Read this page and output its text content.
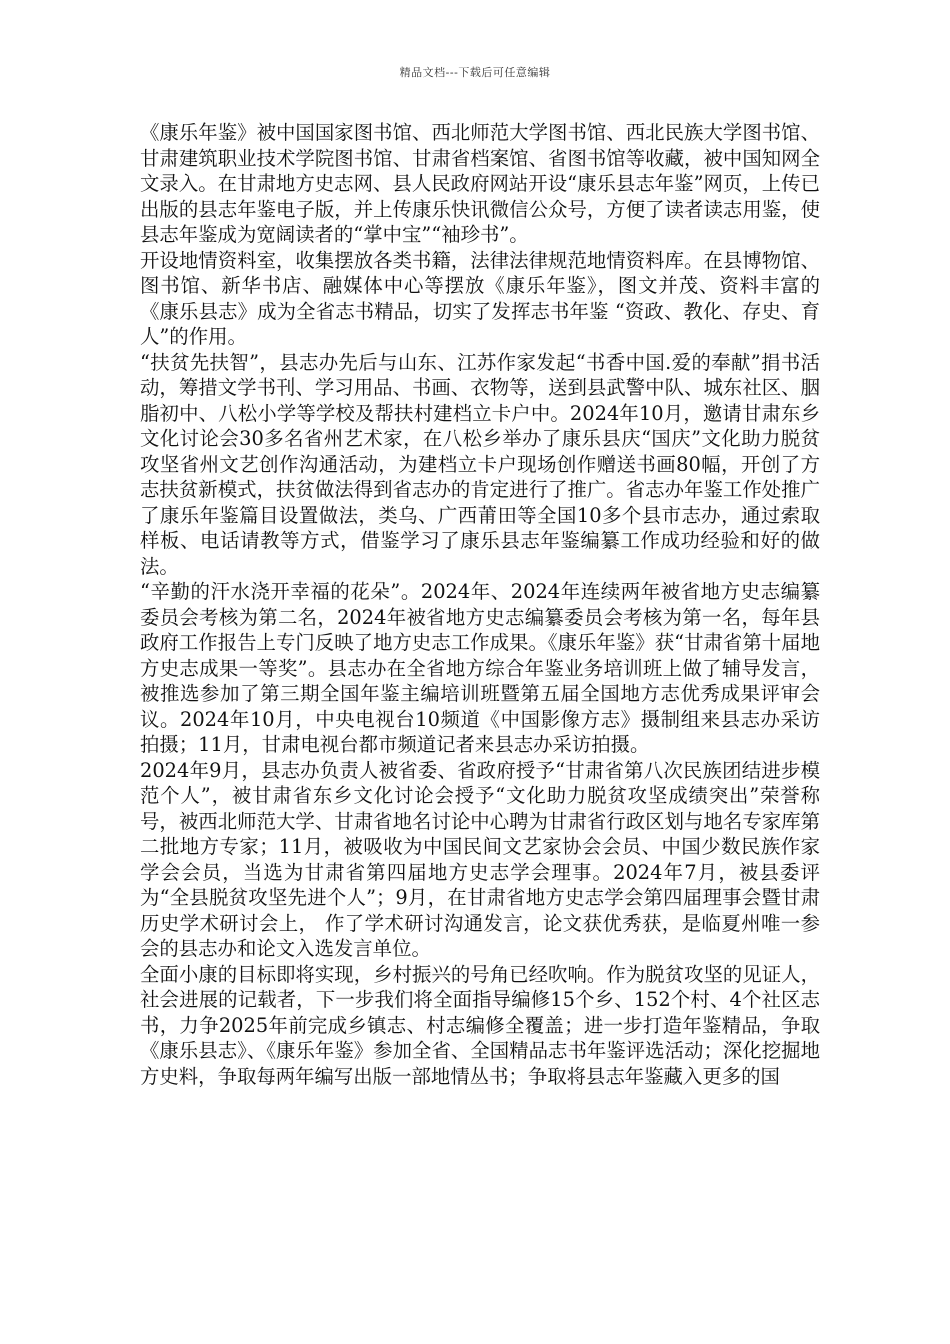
精品文档---下载后可任意编辑

《康乐年鉴》被中国国家图书馆、西北师范大学图书馆、西北民族大学图书馆、甘肃建筑职业技术学院图书馆、甘肃省档案馆、省图书馆等收藏，被中国知网全文录入。在甘肃地方史志网、县人民政府网站开设“康乐县志年鉴”网页，上传已出版的县志年鉴电子版，并上传康乐快讯微信公众号，方便了读者读志用鉴，使县志年鉴成为宽阔读者的“掌中宝”“袖珍书”。

开设地情资料室，收集摆放各类书籍，法律法律规范地情资料库。在县博物馆、图书馆、新华书店、融媒体中心等摆放《康乐年鉴》，图文并茂、资料丰富的《康乐县志》成为全省志书精品，切实了发挥志书年鉴 “资政、教化、存史、育人”的作用。

“扶贫先扶智”，县志办先后与山东、江苏作家发起“书香中国.爱的奉献”捐书活动，筹措文学书刊、学习用品、书画、衣物等，送到县武警中队、城东社区、胭脂初中、八松小学等学校及帮扶村建档立卡户中。2024年10月，邀请甘肃东乡文化讨论会30多名省州艺术家，在八松乡举办了康乐县庆“国庆”文化助力脱贫攻坚省州文艺创作沟通活动，为建档立卡户现场创作赠送书画80幅，开创了方志扶贫新模式，扶贫做法得到省志办的肯定进行了推广。省志办年鉴工作处推广了康乐年鉴篇目设置做法，类乌、广西莆田等全国10多个县市志办，通过索取样板、电话请教等方式，借鉴学习了康乐县志年鉴编纂工作成功经验和好的做法。

“辛勤的汗水浇开幸福的花朵”。2024年、2024年连续两年被省地方史志编纂委员会考核为第二名，2024年被省地方史志编纂委员会考核为第一名，每年县政府工作报告上专门反映了地方史志工作成果。《康乐年鉴》获“甘肃省第十届地方史志成果一等奖”。县志办在全省地方综合年鉴业务培训班上做了辅导发言，被推选参加了第三期全国年鉴主编培训班暨第五届全国地方志优秀成果评审会议。2024年10月，中央电视台10频道《中国影像方志》摄制组来县志办采访拍摄；11月，甘肃电视台都市频道记者来县志办采访拍摄。

2024年9月，县志办负责人被省委、省政府授予“甘肃省第八次民族团结进步模范个人”，被甘肃省东乡文化讨论会授予“文化助力脱贫攻坚成绩突出”荣誉称号，被西北师范大学、甘肃省地名讨论中心聘为甘肃省行政区划与地名专家库第二批地方专家；11月，被吸收为中国民间文艺家协会会员、中国少数民族作家学会会员，当选为甘肃省第四届地方史志学会理事。2024年7月，被县委评为“全县脱贫攻坚先进个人”；9月，在甘肃省地方史志学会第四届理事会暨甘肃历史学术研讨会上， 作了学术研讨沟通发言，论文获优秀获，是临夏州唯一参会的县志办和论文入选发言单位。

全面小康的目标即将实现，乡村振兴的号角已经吹响。作为脱贫攻坚的见证人，社会进展的记载者，下一步我们将全面指导编修15个乡、152个村、4个社区志书，力争2025年前完成乡镇志、村志编修全覆盖；进一步打造年鉴精品，争取《康乐县志》、《康乐年鉴》参加全省、全国精品志书年鉴评选活动；深化挖掘地方史料，争取每两年编写出版一部地情丛书；争取将县志年鉴藏入更多的国
